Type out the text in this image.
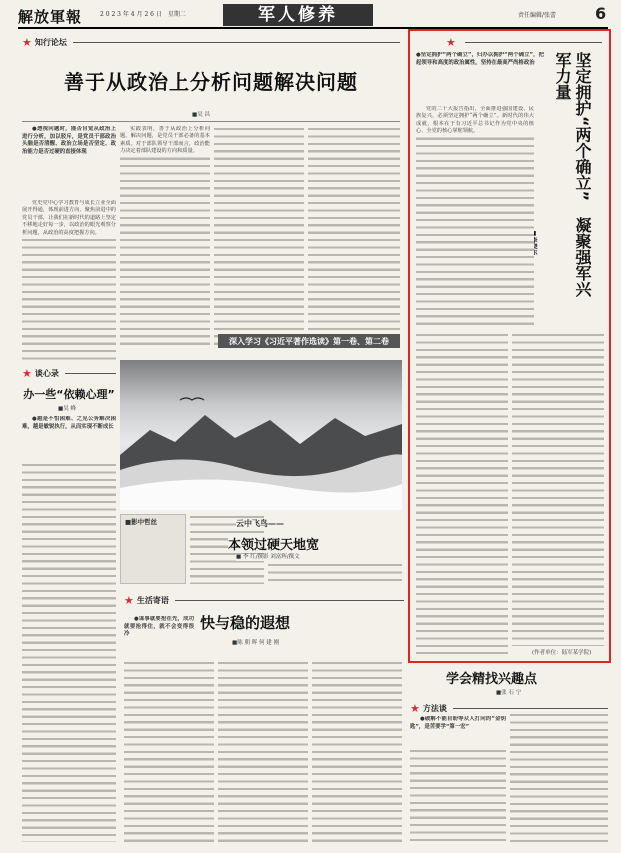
解放軍報	2 0 2 3 年 4 月 2 6 日　星期二	军人修养	责任编辑/张蕾 6
★ 知行论坛
善于从政治上分析问题解决问题
■吴 昌

●透视问题时，能否自觉从政治上进行分析，加以驳斥，是党员干部政治头脑是否清醒、政治立场是否坚定、政治能力是否过硬的直接体现

党史党中心学习教育与成长立业全面展开得通，体现前进方向、聚焦前进中的党员干部，让我们在新时代的道路上坚定不移地走好每一步，以政治的眼光观察分析问题，从政治的高度把握方向。

实践表明，善于从政治上分析问题、解决问题，是党员干部必备的基本素质。对于部队领导干部而言，政治能力决定着部队建设的方向和质量。

深入学习《习近平著作选读》第一卷、第二卷
★

●坚定拥护“两个确立”，归办以拥护“两个确立”，把起领导和高度的政治属性，坚持在最高严尚格政治	坚定拥护“两个确立”　凝聚强军兴军力量

党的二十大报告指出，全面推进强国建设、民族复兴，必须坚定拥护“两个确立”。新时代的伟大成就，根本在于有习近平总书记作为党中央的核心、全党的核心掌舵领航。

(作者单位：陆军某学院)
★ 谈心录
办一些“依赖心理”
■吴 峰

●越是不怕困难、之见公务解决困难，越是敏锐执行，从而实现不断成长

■影中哲丝	云中飞鸟——
本领过硬天地宽
■ 李 红/撰影 刘富辉/撰文
★ 生活寄语
快与稳的遐想
■陈 朝 晖 何 建 刚

●谋事就要抢在先，成功就要抢得住，就不会变得很冷

学会精找兴趣点
■张 石 宁
★ 方法谈

●破解不能自盼等众人打向的“金钥匙”，是苦要学“第一宏”
